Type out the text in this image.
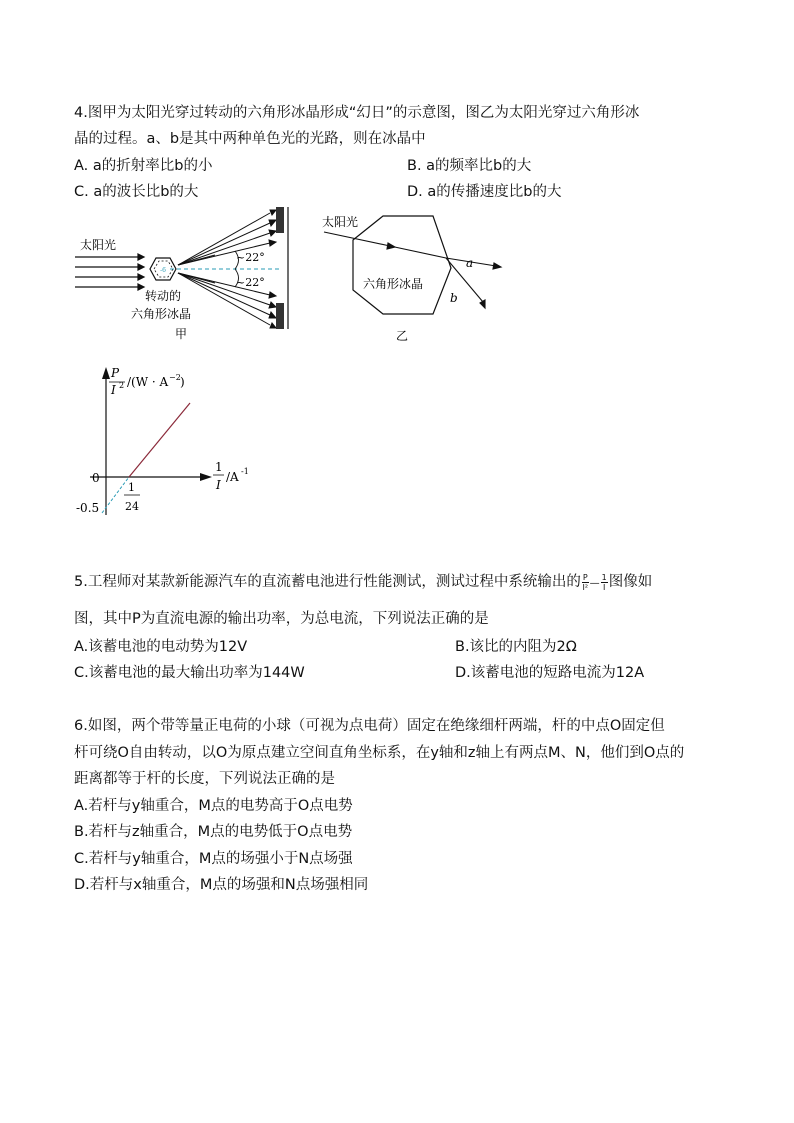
4.图甲为太阳光穿过转动的六角形冰晶形成“幻日”的示意图，图乙为太阳光穿过六角形冰
晶的过程。a、b是其中两种单色光的光路，则在冰晶中
A. a的折射率比b的小	B. a的频率比b的大
C. a的波长比b的大	D. a的传播速度比b的大
太阳光
-6
~22°
~22°
转动的
六角形冰晶
甲
太阳光
六角形冰晶
a
b
乙
P
I 2 /(W · A −2 )
1
I
/A -1
0
-0.5
1
24
5.工程师对某款新能源汽车的直流蓄电池进行性能测试，测试过程中系统输出的 $\frac{P}{\text{I²}}$ — $\frac{1}{I}$ 图像如
图，其中P为直流电源的输出功率，为总电流，下列说法正确的是
A.该蓄电池的电动势为12V	B.该比的内阻为2Ω
C.该蓄电池的最大输出功率为144W	D.该蓄电池的短路电流为12A
6.如图，两个带等量正电荷的小球（可视为点电荷）固定在绝缘细杆两端，杆的中点O固定但
杆可绕O自由转动，以O为原点建立空间直角坐标系，在y轴和z轴上有两点M、N，他们到O点的
距离都等于杆的长度，下列说法正确的是
A.若杆与y轴重合，M点的电势高于O点电势
B.若杆与z轴重合，M点的电势低于O点电势
C.若杆与y轴重合，M点的场强小于N点场强
D.若杆与x轴重合，M点的场强和N点场强相同
